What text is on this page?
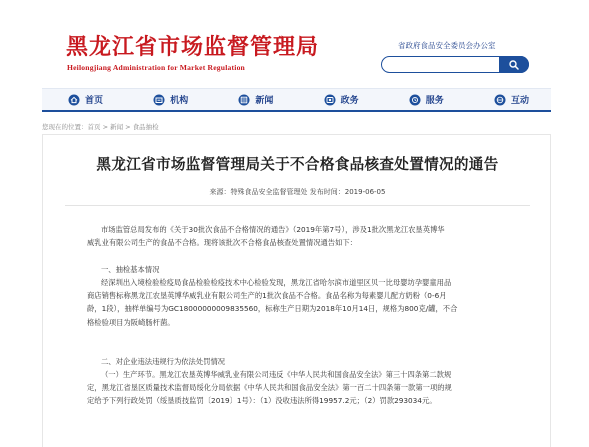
黑龙江省市场监督管理局
Heilongjiang Administration for Market Regulation
省政府食品安全委员会办公室
首页	机构	新闻	政务	服务	互动
您现在的位置：首页 > 新闻 > 食品抽检
黑龙江省市场监督管理局关于不合格食品核查处置情况的通告
来源：特殊食品安全监督管理处 发布时间：2019-06-05
市场监管总局发布的《关于30批次食品不合格情况的通告》（2019年第7号），涉及1批次黑龙江农垦英博华
威乳业有限公司生产的食品不合格。现将该批次不合格食品核查处置情况通告如下：
一、抽检基本情况
经深圳出入境检验检疫局食品检验检疫技术中心检验发现，黑龙江省哈尔滨市道里区贝一比母婴坊孕婴童用品
商店销售标称黑龙江农垦英博华威乳业有限公司生产的1批次食品不合格。食品名称为每素婴儿配方奶粉（0-6月
龄，1段），抽样单编号为GC18000000009835560，标称生产日期为2018年10月14日，规格为800克/罐，不合
格检验项目为阪崎肠杆菌。
二、对企业违法违规行为依法处罚情况
（一）生产环节。黑龙江农垦英博华威乳业有限公司违反《中华人民共和国食品安全法》第三十四条第二款规
定，黑龙江省垦区质量技术监督局绥化分局依据《中华人民共和国食品安全法》第一百二十四条第一款第一项的规
定给予下列行政处罚（绥垦质技监罚〔2019〕1号）：（1）没收违法所得19957.2元；（2）罚款293034元。
